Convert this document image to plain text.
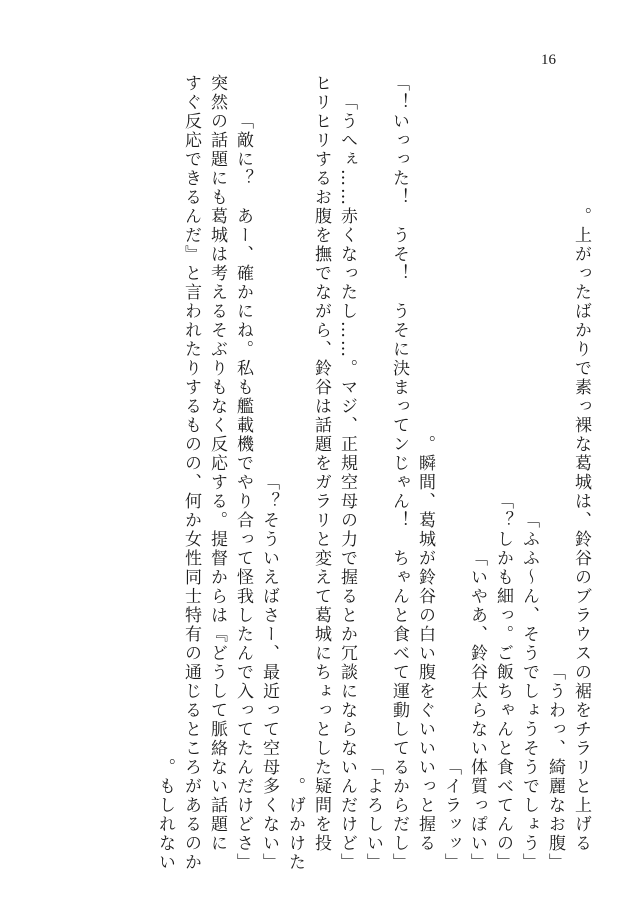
16
　上がったばかりで素っ裸な葛城は、鈴谷のブラウスの裾をチラリと上げる。
「うわっ、綺麗なお腹」
「ふふ～ん、そうでしょうそうでしょう」
「しかも細っ。ご飯ちゃんと食べてんの？」
「いやあ、鈴谷太らない体質っぽい」
「イラッッ」
　瞬間、葛城が鈴谷の白い腹をぐいいいっと握る。
「いっった！　うそ！　うそに決まってンじゃん！　ちゃんと食べて運動してるからだし！」
「よろしい」
「うへぇ……赤くなったし……。マジ、正規空母の力で握るとか冗談にならないんだけど」
　ヒリヒリするお腹を撫でながら、鈴谷は話題をガラリと変えて葛城にちょっとした疑問を投
げかけた。
「そういえばさー、最近って空母多くない？」
「敵に？　あー、確かにね。私も艦載機でやり合って怪我したんで入ってたんだけどさ」
　突然の話題にも葛城は考えるそぶりもなく反応する。提督からは『どうして脈絡ない話題に
すぐ反応できるんだ』と言われたりするものの、何か女性同士特有の通じるところがあるのか
もしれない。
